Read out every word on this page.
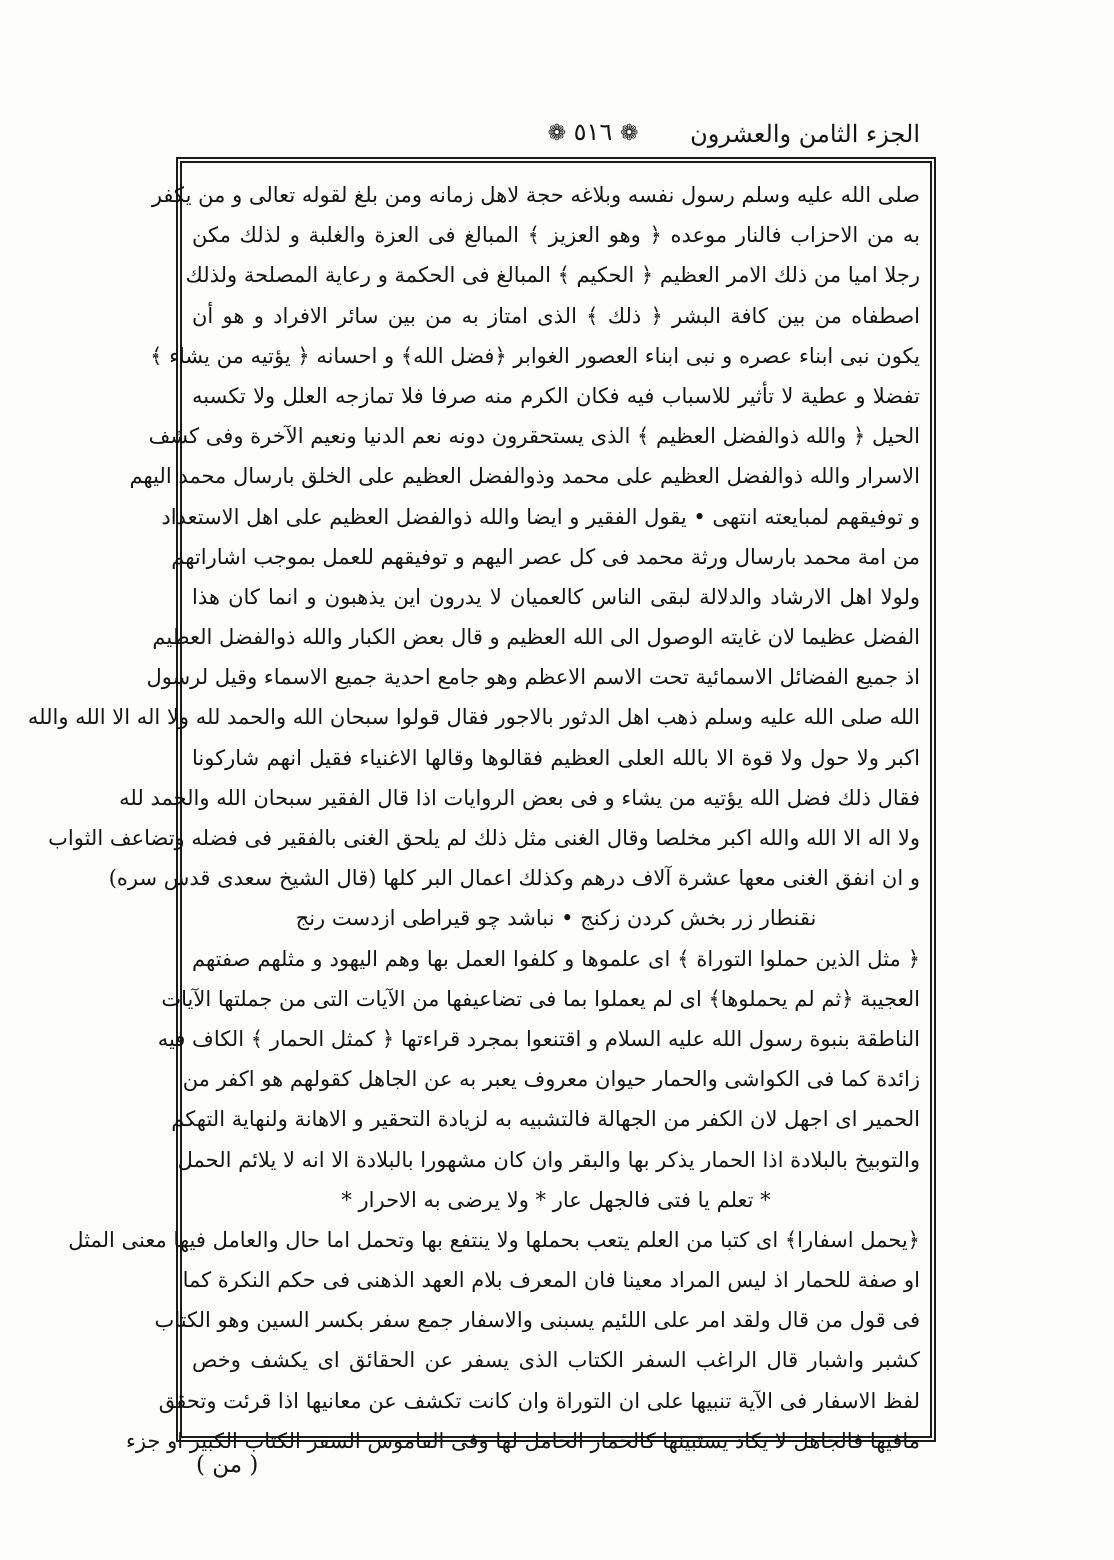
الجزء الثامن والعشرون
❁ ٥١٦ ❁
صلى الله عليه وسلم رسول نفسه وبلاغه حجة لاهل زمانه ومن بلغ لقوله تعالى و من يكفر
به من الاحزاب فالنار موعده ﴿ وهو العزيز ﴾ المبالغ فى العزة والغلبة و لذلك مكن
رجلا اميا من ذلك الامر العظيم ﴿ الحكيم ﴾ المبالغ فى الحكمة و رعاية المصلحة ولذلك
اصطفاه من بين كافة البشر ﴿ ذلك ﴾ الذى امتاز به من بين سائر الافراد و هو أن
يكون نبى ابناء عصره و نبى ابناء العصور الغوابر ﴿فضل الله﴾ و احسانه ﴿ يؤتيه من يشاء ﴾
تفضلا و عطية لا تأثير للاسباب فيه فكان الكرم منه صرفا فلا تمازجه العلل ولا تكسبه
الحيل ﴿ والله ذوالفضل العظيم ﴾ الذى يستحقرون دونه نعم الدنيا ونعيم الآخرة وفى كشف
الاسرار والله ذوالفضل العظيم على محمد وذوالفضل العظيم على الخلق بارسال محمد اليهم
و توفيقهم لمبايعته انتهى • يقول الفقير و ايضا والله ذوالفضل العظيم على اهل الاستعداد
من امة محمد بارسال ورثة محمد فى كل عصر اليهم و توفيقهم للعمل بموجب اشاراتهم
ولولا اهل الارشاد والدلالة لبقى الناس كالعميان لا يدرون اين يذهبون و انما كان هذا
الفضل عظيما لان غايته الوصول الى الله العظيم و قال بعض الكبار والله ذوالفضل العظيم
اذ جميع الفضائل الاسمائية تحت الاسم الاعظم وهو جامع احدية جميع الاسماء وقيل لرسول
الله صلى الله عليه وسلم ذهب اهل الدثور بالاجور فقال قولوا سبحان الله والحمد لله ولا اله الا الله والله
اكبر ولا حول ولا قوة الا بالله العلى العظيم فقالوها وقالها الاغنياء فقيل انهم شاركونا
فقال ذلك فضل الله يؤتيه من يشاء و فى بعض الروايات اذا قال الفقير سبحان الله والحمد لله
ولا اله الا الله والله اكبر مخلصا وقال الغنى مثل ذلك لم يلحق الغنى بالفقير فى فضله وتضاعف الثواب
و ان انفق الغنى معها عشرة آلاف درهم وكذلك اعمال البر كلها (قال الشيخ سعدى قدس سره)
نقنطار زر بخش كردن زكنج • نباشد چو قيراطى ازدست رنج
﴿ مثل الذين حملوا التوراة ﴾ اى علموها و كلفوا العمل بها وهم اليهود و مثلهم صفتهم
العجيبة ﴿ثم لم يحملوها﴾ اى لم يعملوا بما فى تضاعيفها من الآيات التى من جملتها الآيات
الناطقة بنبوة رسول الله عليه السلام و اقتنعوا بمجرد قراءتها ﴿ كمثل الحمار ﴾ الكاف فيه
زائدة كما فى الكواشى والحمار حيوان معروف يعبر به عن الجاهل كقولهم هو اكفر من
الحمير اى اجهل لان الكفر من الجهالة فالتشبيه به لزيادة التحقير و الاهانة ولنهاية التهكم
والتوبيخ بالبلادة اذا الحمار يذكر بها والبقر وان كان مشهورا بالبلادة الا انه لا يلائم الحمل
* تعلم يا فتى فالجهل عار * ولا يرضى به الاحرار *
﴿يحمل اسفارا﴾ اى كتبا من العلم يتعب بحملها ولا ينتفع بها وتحمل اما حال والعامل فيها معنى المثل
او صفة للحمار اذ ليس المراد معينا فان المعرف بلام العهد الذهنى فى حكم النكرة كما
فى قول من قال ولقد امر على اللئيم يسبنى والاسفار جمع سفر بكسر السين وهو الكتاب
كشبر واشبار قال الراغب السفر الكتاب الذى يسفر عن الحقائق اى يكشف وخص
لفظ الاسفار فى الآية تنبيها على ان التوراة وان كانت تكشف عن معانيها اذا قرئت وتحقق
مافيها فالجاهل لا يكاد يستبينها كالحمار الحامل لها وفى القاموس السفر الكتاب الكبير او جزء
( من )
